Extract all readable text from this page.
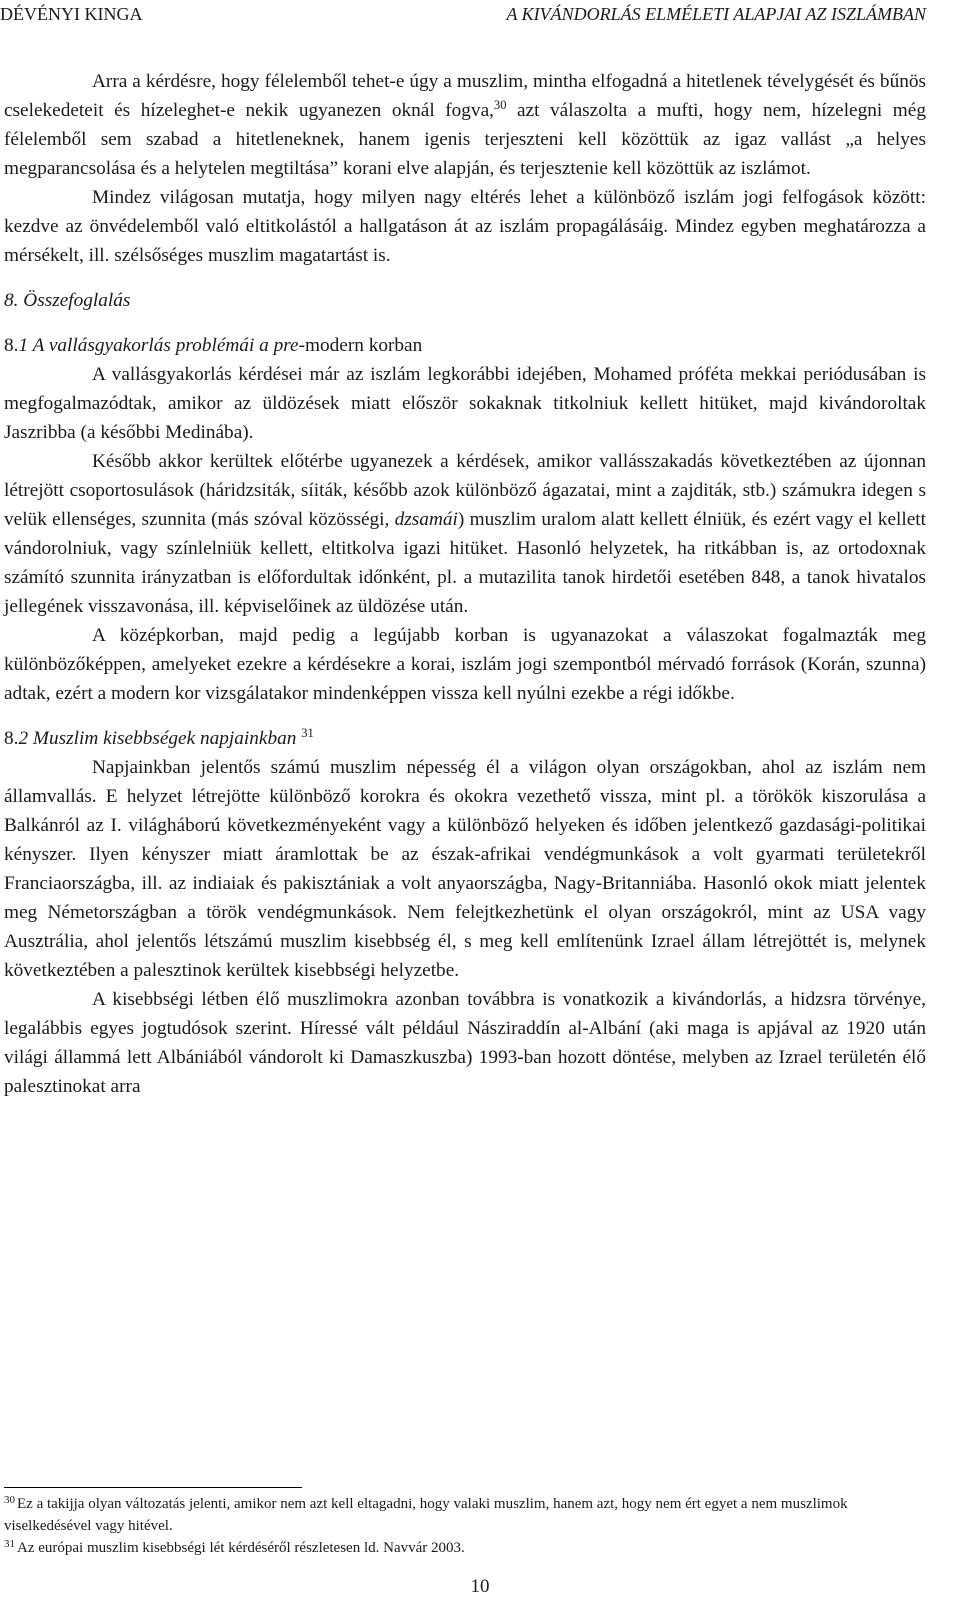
DÉVÉNYI KINGA	A KIVÁNDORLÁS ELMÉLETI ALAPJAI AZ ISZLÁMBAN

Arra a kérdésre, hogy félelemből tehet-e úgy a muszlim, mintha elfogadná a hitetlenek tévelygését és bűnös cselekedeteit és hízeleghet-e nekik ugyanezen oknál fogva,$^{30}$ azt válaszolta a mufti, hogy nem, hízelegni még félelemből sem szabad a hitetleneknek, hanem igenis terjeszteni kell közöttük az igaz vallást „a helyes megparancsolása és a helytelen megtiltása” korani elve alapján, és terjesztenie kell közöttük az iszlámot.

Mindez világosan mutatja, hogy milyen nagy eltérés lehet a különböző iszlám jogi felfogások között: kezdve az önvédelemből való eltitkolástól a hallgatáson át az iszlám propagálásáig. Mindez egyben meghatározza a mérsékelt, ill. szélsőséges muszlim magatartást is.

8. Összefoglalás

8.1 A vallásgyakorlás problémái a pre-modern korban

A vallásgyakorlás kérdései már az iszlám legkorábbi idejében, Mohamed próféta mekkai periódusában is megfogalmazódtak, amikor az üldözések miatt először sokaknak titkolniuk kellett hitüket, majd kivándoroltak Jaszribba (a későbbi Medinába).

Később akkor kerültek előtérbe ugyanezek a kérdések, amikor vallásszakadás következtében az újonnan létrejött csoportosulások (háridzsiták, síiták, később azok különböző ágazatai, mint a zajditák, stb.) számukra idegen s velük ellenséges, szunnita (más szóval közösségi, dzsamái) muszlim uralom alatt kellett élniük, és ezért vagy el kellett vándorolniuk, vagy színlelniük kellett, eltitkolva igazi hitüket. Hasonló helyzetek, ha ritkábban is, az ortodoxnak számító szunnita irányzatban is előfordultak időnként, pl. a mutazilita tanok hirdetői esetében 848, a tanok hivatalos jellegének visszavonása, ill. képviselőinek az üldözése után.

A középkorban, majd pedig a legújabb korban is ugyanazokat a válaszokat fogalmazták meg különbözőképpen, amelyeket ezekre a kérdésekre a korai, iszlám jogi szempontból mérvadó források (Korán, szunna) adtak, ezért a modern kor vizsgálatakor mindenképpen vissza kell nyúlni ezekbe a régi időkbe.

8.2 Muszlim kisebbségek napjainkban $^{31}$

Napjainkban jelentős számú muszlim népesség él a világon olyan országokban, ahol az iszlám nem államvallás. E helyzet létrejötte különböző korokra és okokra vezethető vissza, mint pl. a törökök kiszorulása a Balkánról az I. világháború következményeként vagy a különböző helyeken és időben jelentkező gazdasági-politikai kényszer. Ilyen kényszer miatt áramlottak be az észak-afrikai vendégmunkások a volt gyarmati területekről Franciaországba, ill. az indiaiak és pakisztániak a volt anyaországba, Nagy-Britanniába. Hasonló okok miatt jelentek meg Németországban a török vendégmunkások. Nem felejtkezhetünk el olyan országokról, mint az USA vagy Ausztrália, ahol jelentős létszámú muszlim kisebbség él, s meg kell említenünk Izrael állam létrejöttét is, melynek következtében a palesztinok kerültek kisebbségi helyzetbe.

A kisebbségi létben élő muszlimokra azonban továbbra is vonatkozik a kivándorlás, a hidzsra törvénye, legalábbis egyes jogtudósok szerint. Híressé vált például Násziraddín al-Albání (aki maga is apjával az 1920 után világi állammá lett Albániából vándorolt ki Damaszkuszba) 1993-ban hozott döntése, melyben az Izrael területén élő palesztinokat arra

$^{30}$ Ez a takijja olyan változatás jelenti, amikor nem azt kell eltagadni, hogy valaki muszlim, hanem azt, hogy nem ért egyet a nem muszlimok viselkedésével vagy hitével.

$^{31}$ Az európai muszlim kisebbségi lét kérdéséről részletesen ld. Navvár 2003.

10
